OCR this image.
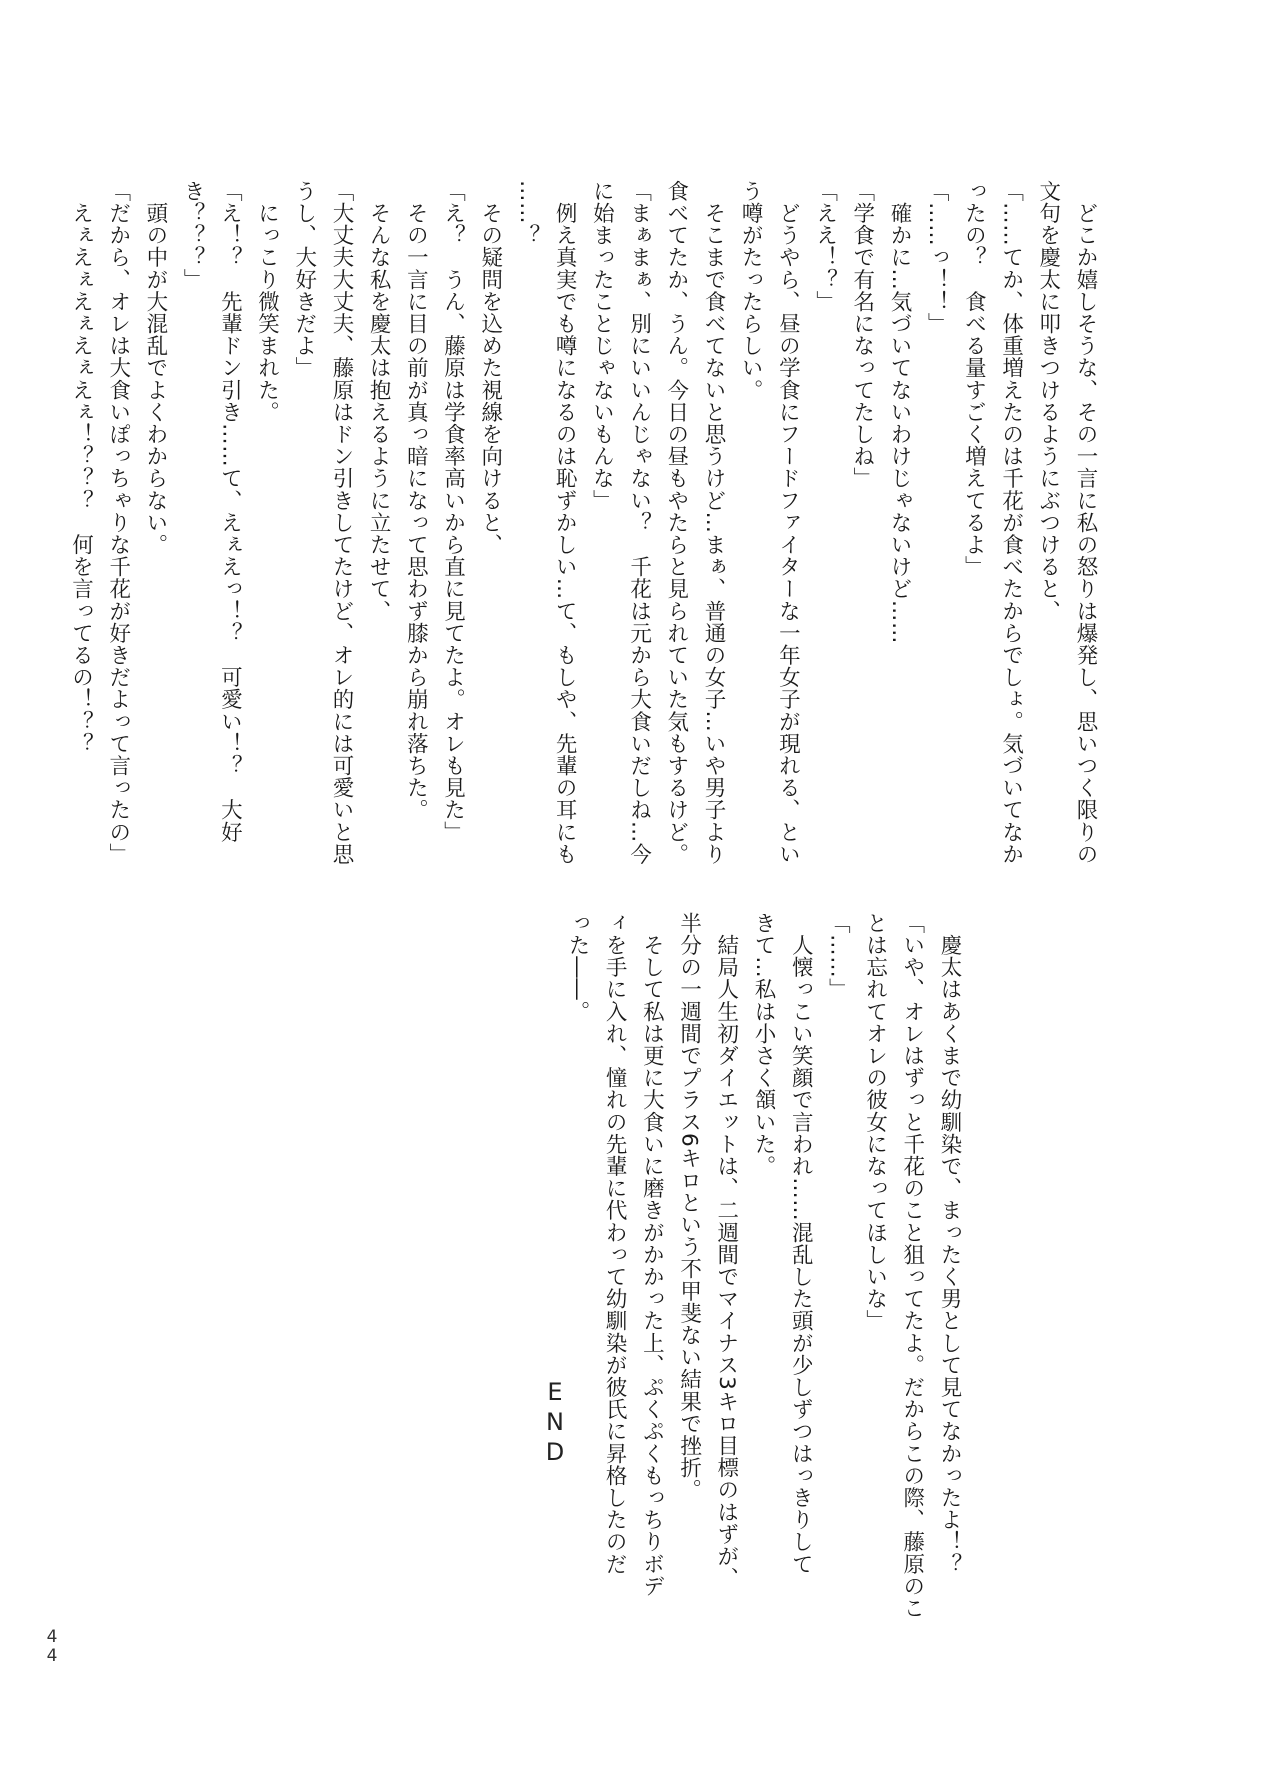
　どこか嬉しそうな、その一言に私の怒りは爆発し、思いつく限りの

文句を慶太に叩きつけるようにぶつけると、

「……てか、体重増えたのは千花が食べたからでしょ。気づいてなか

ったの？　食べる量すごく増えてるよ」

「……っ！！」

　確かに…気づいてないわけじゃないけど……

「学食で有名になってたしね」

「ええ！？」

　どうやら、昼の学食にフードファイターな一年女子が現れる、とい

う噂がたったらしい。

　そこまで食べてないと思うけど…まぁ、普通の女子…いや男子より

食べてたか、うん。今日の昼もやたらと見られていた気もするけど。

「まぁまぁ、別にいいんじゃない？　千花は元から大食いだしね…今

に始まったことじゃないもんな」

　例え真実でも噂になるのは恥ずかしい…て、もしや、先輩の耳にも

……？

　その疑問を込めた視線を向けると、

「え？　うん、藤原は学食率高いから直に見てたよ。オレも見た」

　その一言に目の前が真っ暗になって思わず膝から崩れ落ちた。

　そんな私を慶太は抱えるように立たせて、

「大丈夫大丈夫、藤原はドン引きしてたけど、オレ的には可愛いと思

うし、大好きだよ」

　にっこり微笑まれた。

「え！？　先輩ドン引き……て、えぇえっ！？　可愛い！？　大好

き？？？」

　頭の中が大混乱でよくわからない。

「だから、オレは大食いぽっちゃりな千花が好きだよって言ったの」

　えぇえぇえぇえぇえぇ！？？？　何を言ってるの！？？

　慶太はあくまで幼馴染で、まったく男として見てなかったよ！？

「いや、オレはずっと千花のこと狙ってたよ。だからこの際、藤原のこ

とは忘れてオレの彼女になってほしいな」

「……」

　人懐っこい笑顔で言われ……混乱した頭が少しずつはっきりして

きて…私は小さく頷いた。

　結局人生初ダイエットは、二週間でマイナス3キロ目標のはずが、

半分の一週間でプラス6キロという不甲斐ない結果で挫折。

　そして私は更に大食いに磨きがかかった上、ぷくぷくもっちりボデ

ィを手に入れ、憧れの先輩に代わって幼馴染が彼氏に昇格したのだ

った――。

END
44
